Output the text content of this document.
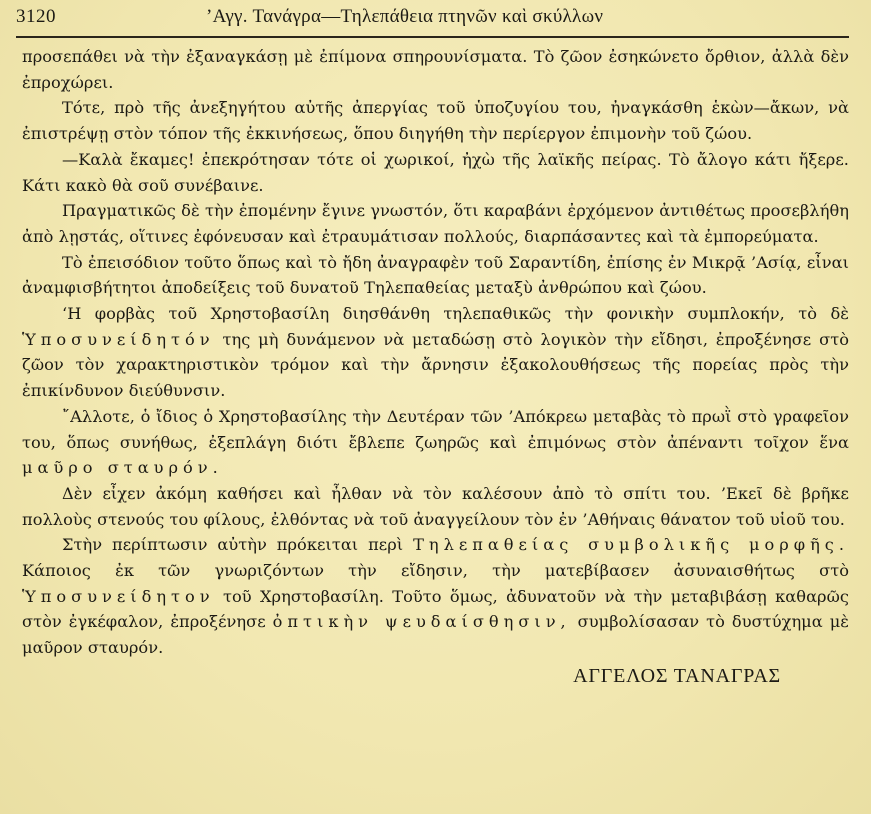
3120	’Αγγ. Τανάγρα—Τηλεπάθεια πτηνῶν καὶ σκύλλων

προσεπάθει νὰ τὴν ἐξαναγκάσῃ μὲ ἐπίμονα σπηρουνίσματα. Τὸ ζῶον ἐσηκώνετο ὄρθιον, ἀλλὰ δὲν ἐπροχώρει.

Τότε, πρὸ τῆς ἀνεξηγήτου αὐτῆς ἀπεργίας τοῦ ὑποζυγίου του, ἠναγκάσθη ἑκὼν—ἄκων, νὰ ἐπιστρέψῃ στὸν τόπον τῆς ἐκκινήσεως, ὅπου διηγήθη τὴν περίεργον ἐπιμονὴν τοῦ ζώου.

—Καλὰ ἔκαμες! ἐπεκρότησαν τότε οἱ χωρικοί, ἠχὼ τῆς λαϊκῆς πείρας. Τὸ ἄλογο κάτι ἤξερε. Κάτι κακὸ θὰ σοῦ συνέβαινε.

Πραγματικῶς δὲ τὴν ἐπομένην ἔγινε γνωστόν, ὅτι καραβάνι ἐρχόμενον ἀντιθέτως προσεβλήθη ἀπὸ λῃστάς, οἵτινες ἐφόνευσαν καὶ ἐτραυμάτισαν πολλούς, διαρπάσαντες καὶ τὰ ἐμπορεύματα.

Τὸ ἐπεισόδιον τοῦτο ὅπως καὶ τὸ ἤδη ἀναγραφὲν τοῦ Σαραντίδη, ἐπίσης ἐν Μικρᾷ ’Ασίᾳ, εἶναι ἀναμφισβήτητοι ἀποδείξεις τοῦ δυνατοῦ Τηλεπαθείας μεταξὺ ἀνθρώπου καὶ ζώου.

‘Η φορβὰς τοῦ Χρηστοβασίλη διησθάνθη τηλεπαθικῶς τὴν φονικὴν συμπλοκήν, τὸ δὲ Ὑποσυνείδητόν της μὴ δυνάμενον νὰ μεταδώσῃ στὸ λογικὸν τὴν εἴδησι, ἐπροξένησε στὸ ζῶον τὸν χαρακτηριστικὸν τρόμον καὶ τὴν ἄρνησιν ἐξακολουθήσεως τῆς πορείας πρὸς τὴν ἐπικίνδυνον διεύθυνσιν.

῎Αλλοτε, ὁ ἴδιος ὁ Χρηστοβασίλης τὴν Δευτέραν τῶν ’Απόκρεω μεταβὰς τὸ πρωῒ στὸ γραφεῖον του, ὅπως συνήθως, ἐξεπλάγη διότι ἔβλεπε ζωηρῶς καὶ ἐπιμόνως στὸν ἀπέναντι τοῖχον ἕνα μαῦρο σταυρόν.

Δὲν εἶχεν ἀκόμη καθήσει καὶ ἦλθαν νὰ τὸν καλέσουν ἀπὸ τὸ σπίτι του. ’Εκεῖ δὲ βρῆκε πολλοὺς στενούς του φίλους, ἐλθόντας νὰ τοῦ ἀναγγείλουν τὸν ἐν ’Αθήναις θάνατον τοῦ υἱοῦ του.

Στὴν περίπτωσιν αὐτὴν πρόκειται περὶ Τηλεπαθείας συμβολικῆς μορφῆς. Κάποιος ἐκ τῶν γνωριζόντων τὴν εἴδησιν, τὴν ματεβίβασεν ἀσυναισθήτως στὸ Ὑποσυνείδητον τοῦ Χρηστοβασίλη. Τοῦτο ὅμως, ἀδυνατοῦν νὰ τὴν μεταβιβάσῃ καθαρῶς στὸν ἐγκέφαλον, ἐπροξένησε ὀπτικὴν ψευδαίσθησιν, συμβολίσασαν τὸ δυστύχημα μὲ μαῦρον σταυρόν.

ΑΓΓΕΛΟΣ ΤΑΝΑΓΡΑΣ
